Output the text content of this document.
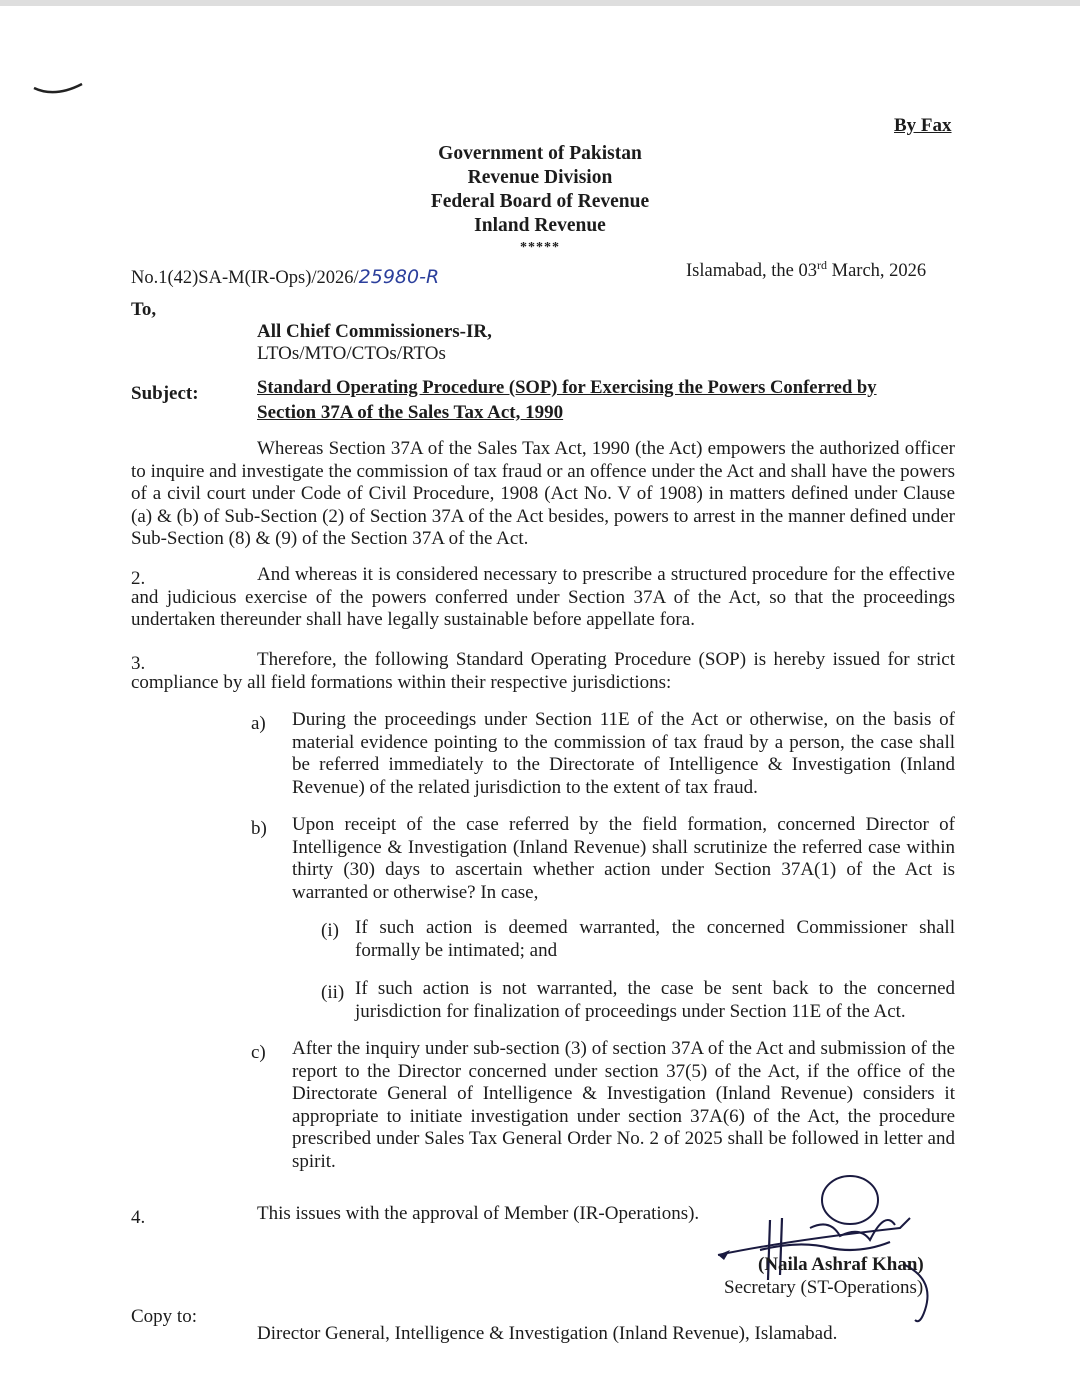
By Fax
Government of Pakistan
Revenue Division
Federal Board of Revenue
Inland Revenue
*****
No.1(42)SA-M(IR-Ops)/2026/25980-R	Islamabad, the 03rd March, 2026
To,
All Chief Commissioners-IR,
LTOs/MTO/CTOs/RTOs
Subject:	Standard Operating Procedure (SOP) for Exercising the Powers Conferred by
Section 37A of the Sales Tax Act, 1990
Whereas Section 37A of the Sales Tax Act, 1990 (the Act) empowers the authorized officer to inquire and investigate the commission of tax fraud or an offence under the Act and shall have the powers of a civil court under Code of Civil Procedure, 1908 (Act No. V of 1908) in matters defined under Clause (a) & (b) of Sub-Section (2) of Section 37A of the Act besides, powers to arrest in the manner defined under Sub-Section (8) & (9) of the Section 37A of the Act.
2.	And whereas it is considered necessary to prescribe a structured procedure for the effective and judicious exercise of the powers conferred under Section 37A of the Act, so that the proceedings undertaken thereunder shall have legally sustainable before appellate fora.
3.	Therefore, the following Standard Operating Procedure (SOP) is hereby issued for strict compliance by all field formations within their respective jurisdictions:
a) During the proceedings under Section 11E of the Act or otherwise, on the basis of material evidence pointing to the commission of tax fraud by a person, the case shall be referred immediately to the Directorate of Intelligence & Investigation (Inland Revenue) of the related jurisdiction to the extent of tax fraud.
b) Upon receipt of the case referred by the field formation, concerned Director of Intelligence & Investigation (Inland Revenue) shall scrutinize the referred case within thirty (30) days to ascertain whether action under Section 37A(1) of the Act is warranted or otherwise? In case,
(i) If such action is deemed warranted, the concerned Commissioner shall formally be intimated; and
(ii) If such action is not warranted, the case be sent back to the concerned jurisdiction for finalization of proceedings under Section 11E of the Act.
c) After the inquiry under sub-section (3) of section 37A of the Act and submission of the report to the Director concerned under section 37(5) of the Act, if the office of the Directorate General of Intelligence & Investigation (Inland Revenue) considers it appropriate to initiate investigation under section 37A(6) of the Act, the procedure prescribed under Sales Tax General Order No. 2 of 2025 shall be followed in letter and spirit.
4.	This issues with the approval of Member (IR-Operations).
(Naila Ashraf Khan)
Secretary (ST-Operations)
Copy to:
Director General, Intelligence & Investigation (Inland Revenue), Islamabad.
